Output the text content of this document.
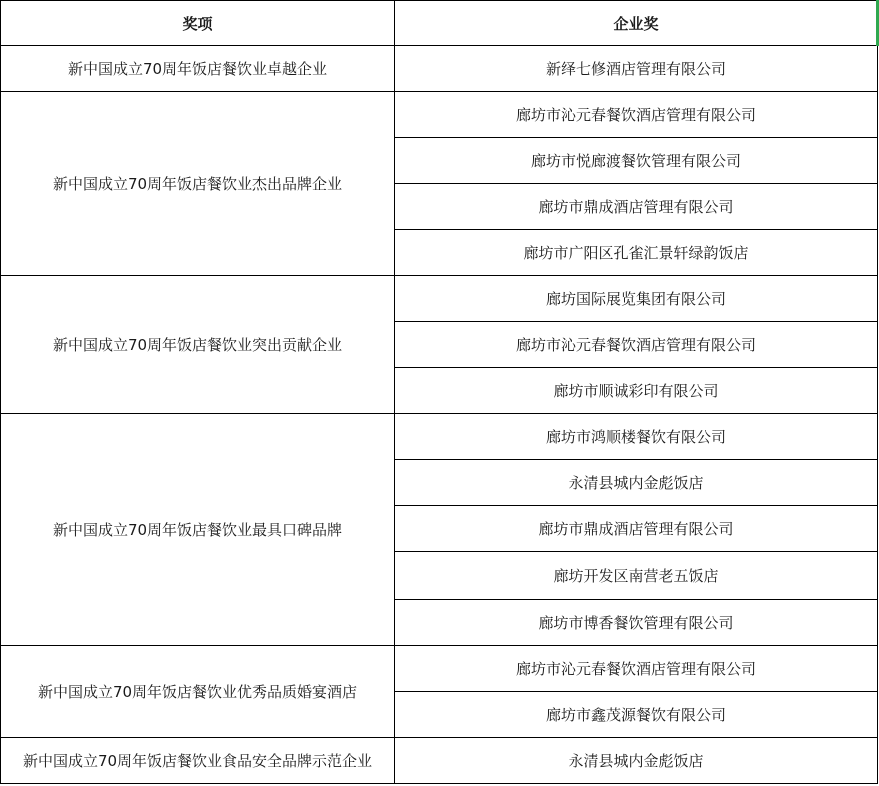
奖项	企业奖
新中国成立70周年饭店餐饮业卓越企业	新绎七修酒店管理有限公司
新中国成立70周年饭店餐饮业杰出品牌企业	廊坊市沁元春餐饮酒店管理有限公司
	廊坊市悦廊渡餐饮管理有限公司
	廊坊市鼎成酒店管理有限公司
	廊坊市广阳区孔雀汇景轩绿韵饭店
新中国成立70周年饭店餐饮业突出贡献企业	廊坊国际展览集团有限公司
	廊坊市沁元春餐饮酒店管理有限公司
	廊坊市顺诚彩印有限公司
新中国成立70周年饭店餐饮业最具口碑品牌	廊坊市鸿顺楼餐饮有限公司
	永清县城内金彪饭店
	廊坊市鼎成酒店管理有限公司
	廊坊开发区南营老五饭店
	廊坊市博香餐饮管理有限公司
新中国成立70周年饭店餐饮业优秀品质婚宴酒店	廊坊市沁元春餐饮酒店管理有限公司
	廊坊市鑫茂源餐饮有限公司
新中国成立70周年饭店餐饮业食品安全品牌示范企业	永清县城内金彪饭店
